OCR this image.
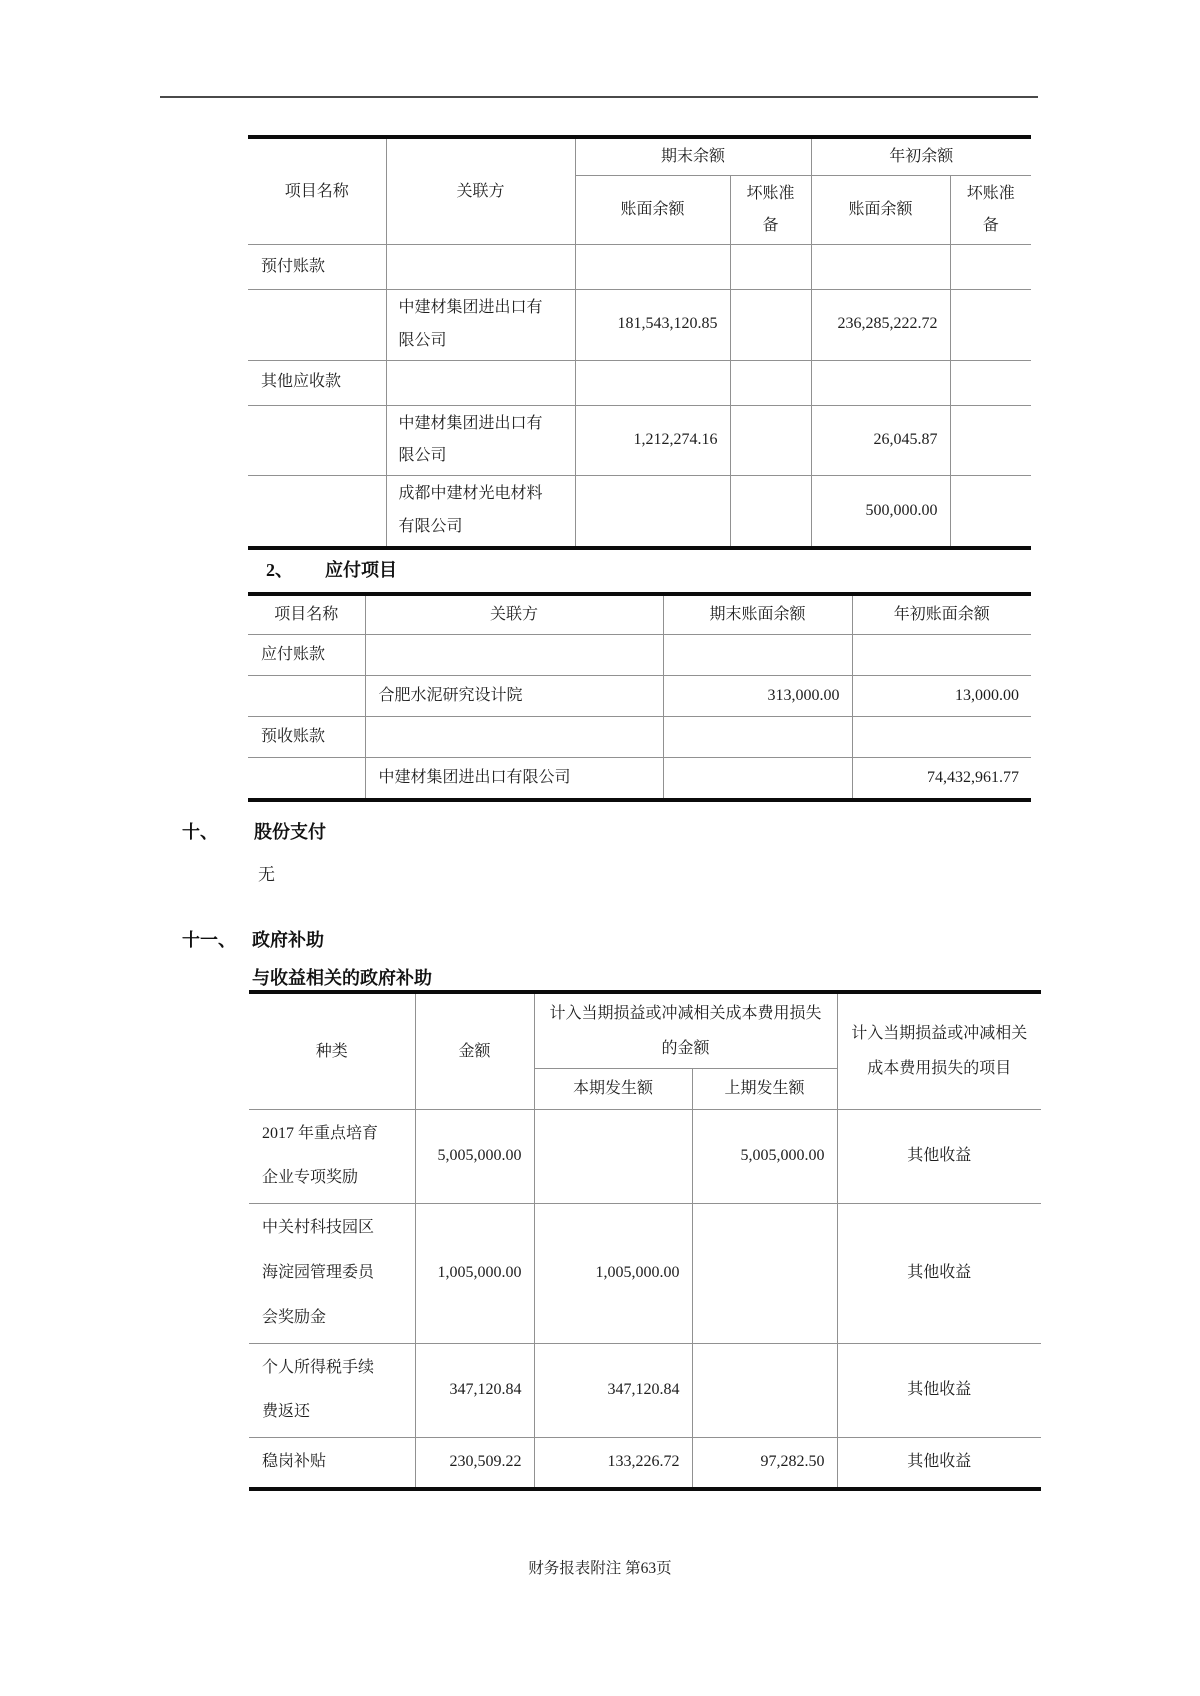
项目名称	关联方	期末余额		年初余额	
		账面余额	坏账准备	账面余额	坏账准备
预付账款					
	中建材集团进出口有限公司	181,543,120.85		236,285,222.72	
其他应收款					
	中建材集团进出口有限公司	1,212,274.16		26,045.87	
	成都中建材光电材料有限公司			500,000.00	
2、 应付项目
项目名称	关联方	期末账面余额	年初账面余额
应付账款			
	合肥水泥研究设计院	313,000.00	13,000.00
预收账款			
	中建材集团进出口有限公司		74,432,961.77
十、 股份支付
无
十一、 政府补助
与收益相关的政府补助
种类	金额	计入当期损益或冲减相关成本费用损失的金额		计入当期损益或冲减相关成本费用损失的项目
		本期发生额	上期发生额	
2017 年重点培育企业专项奖励	5,005,000.00		5,005,000.00	其他收益
中关村科技园区海淀园管理委员会奖励金	1,005,000.00	1,005,000.00		其他收益
个人所得税手续费返还	347,120.84	347,120.84		其他收益
稳岗补贴	230,509.22	133,226.72	97,282.50	其他收益
财务报表附注 第63页
